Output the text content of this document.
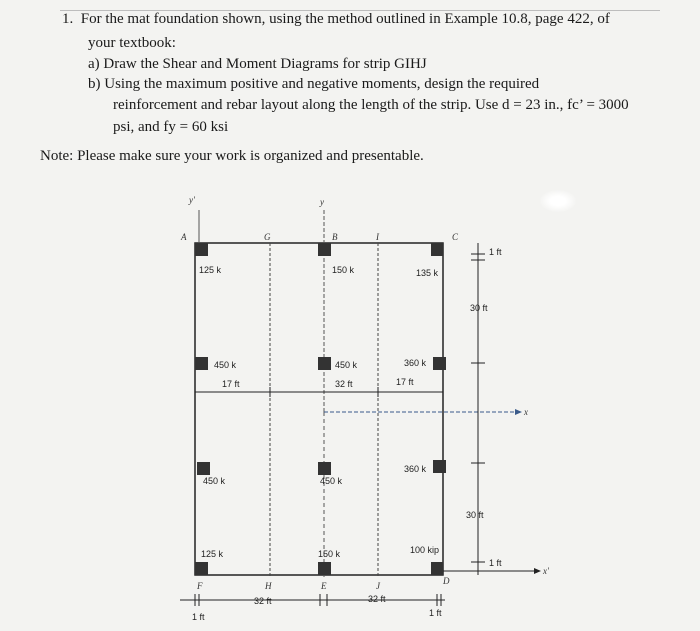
1. For the mat foundation shown, using the method outlined in Example 10.8, page 422, of
your textbook:
a) Draw the Shear and Moment Diagrams for strip GIHJ
b) Using the maximum positive and negative moments, design the required
reinforcement and rebar layout along the length of the strip. Use d = 23 in., fc’ = 3000
psi, and fy = 60 ksi
Note: Please make sure your work is organized and presentable.
A	G	B	I	C
F	H	E	J	D
y'	y
x
x'
125 k	150 k	135 k
450 k	450 k	360 k
450 k	450 k
360 k
125 k	150 k	100 kip
17 ft	32 ft	17 ft
30 ft
30 ft
1 ft
1 ft
1 ft	1 ft
32 ft	32 ft
